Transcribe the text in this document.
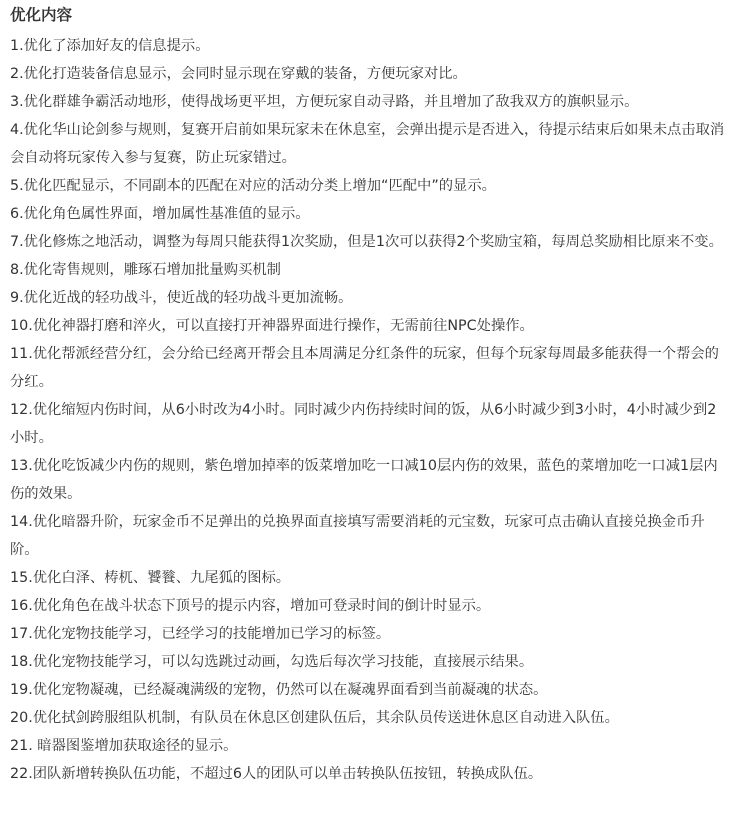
优化内容
1.优化了添加好友的信息提示。
2.优化打造装备信息显示，会同时显示现在穿戴的装备，方便玩家对比。
3.优化群雄争霸活动地形，使得战场更平坦，方便玩家自动寻路，并且增加了敌我双方的旗帜显示。
4.优化华山论剑参与规则，复赛开启前如果玩家未在休息室，会弹出提示是否进入，待提示结束后如果未点击取消会自动将玩家传入参与复赛，防止玩家错过。
5.优化匹配显示，不同副本的匹配在对应的活动分类上增加“匹配中”的显示。
6.优化角色属性界面，增加属性基准值的显示。
7.优化修炼之地活动，调整为每周只能获得1次奖励，但是1次可以获得2个奖励宝箱，每周总奖励相比原来不变。
8.优化寄售规则，雕琢石增加批量购买机制
9.优化近战的轻功战斗，使近战的轻功战斗更加流畅。
10.优化神器打磨和淬火，可以直接打开神器界面进行操作，无需前往NPC处操作。
11.优化帮派经营分红，会分给已经离开帮会且本周满足分红条件的玩家，但每个玩家每周最多能获得一个帮会的分红。
12.优化缩短内伤时间，从6小时改为4小时。同时减少内伤持续时间的饭，从6小时减少到3小时，4小时减少到2小时。
13.优化吃饭减少内伤的规则，紫色增加掉率的饭菜增加吃一口减10层内伤的效果，蓝色的菜增加吃一口减1层内伤的效果。
14.优化暗器升阶，玩家金币不足弹出的兑换界面直接填写需要消耗的元宝数，玩家可点击确认直接兑换金币升阶。
15.优化白泽、梼杌、饕餮、九尾狐的图标。
16.优化角色在战斗状态下顶号的提示内容，增加可登录时间的倒计时显示。
17.优化宠物技能学习，已经学习的技能增加已学习的标签。
18.优化宠物技能学习，可以勾选跳过动画，勾选后每次学习技能，直接展示结果。
19.优化宠物凝魂，已经凝魂满级的宠物，仍然可以在凝魂界面看到当前凝魂的状态。
20.优化拭剑跨服组队机制，有队员在休息区创建队伍后，其余队员传送进休息区自动进入队伍。
21. 暗器图鉴增加获取途径的显示。
22.团队新增转换队伍功能，不超过6人的团队可以单击转换队伍按钮，转换成队伍。
